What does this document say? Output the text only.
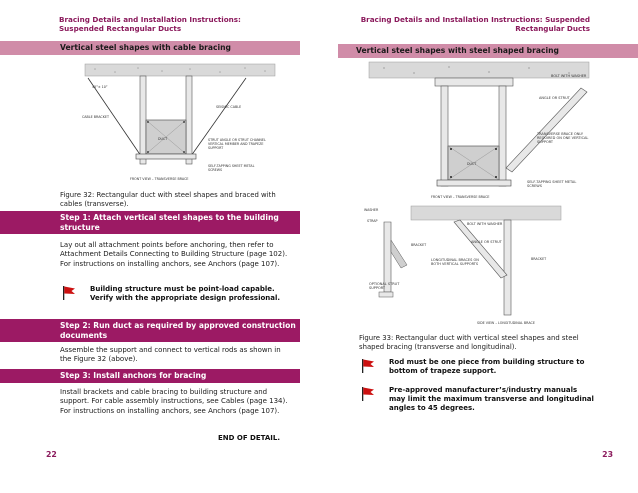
Bracing Details and Installation Instructions: Suspended Rectangular Ducts
Vertical steel shapes with cable bracing
45°± 10°
CABLE BRACKET
SEISMIC CABLE
DUCT	STRUT ANGLE OR STRUT CHANNEL VERTICAL MEMBER AND TRAPEZE SUPPORT
SELF-TAPPING SHEET METAL SCREWS
FRONT VIEW – TRANSVERSE BRACE
Figure 32: Rectangular duct with steel shapes and braced with cables (transverse).
Step 1: Attach vertical steel shapes to the building structure
Lay out all attachment points before anchoring, then refer to Attachment Details Connecting to Building Structure (page 102). For instructions on installing anchors, see Anchors (page 107).
Building structure must be point-load capable. Verify with the appropriate design professional.
Step 2: Run duct as required by approved construction documents
Assemble the support and connect to vertical rods as shown in the Figure 32 (above).
Step 3: Install anchors for bracing
Install brackets and cable bracing to building structure and support. For cable assembly instructions, see Cables (page 134). For instructions on installing anchors, see Anchors (page 107).
END OF DETAIL.
22
Bracing Details and Installation Instructions: Suspended Rectangular Ducts
Vertical steel shapes with steel shaped bracing
BOLT WITH WASHER
ANGLE OR STRUT
TRANSVERSE BRACE ONLY REQUIRED ON ONE VERTICAL SUPPORT
DUCT
SELF-TAPPING SHEET METAL SCREWS
FRONT VIEW – TRANSVERSE BRACE
WASHER
STRAP
BOLT WITH WASHER
ANGLE OR STRUT
BRACKET
BRACKET
LONGITUDINAL BRACES ON BOTH VERTICAL SUPPORTS
OPTIONAL STRUT SUPPORT
SIDE VIEW – LONGITUDINAL BRACE
Figure 33: Rectangular duct with vertical steel shapes and steel shaped bracing (transverse and longitudinal).
Rod must be one piece from building structure to bottom of trapeze support.
Pre-approved manufacturer’s/industry manuals may limit the maximum transverse and longitudinal angles to 45 degrees.
23
